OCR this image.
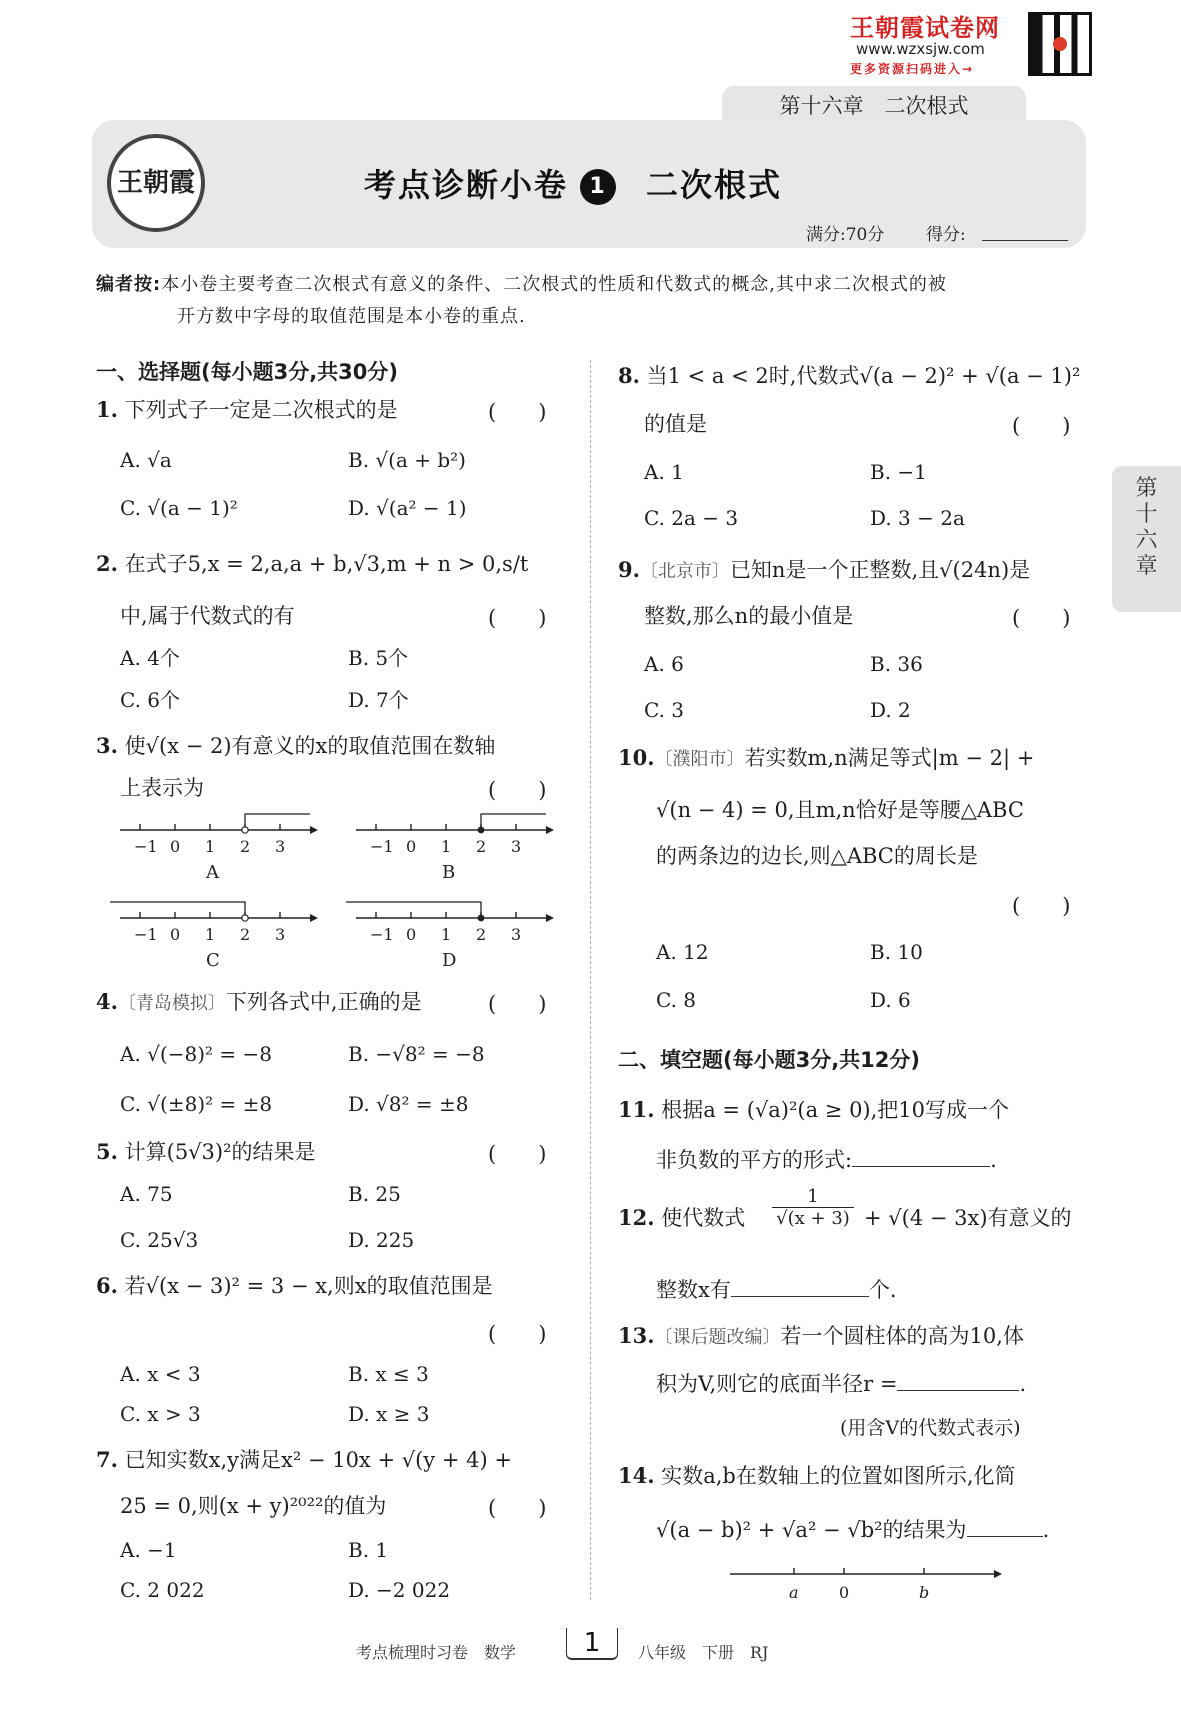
王朝霞试卷网
www.wzxsjw.com
更多资源扫码进入→
第十六章　二次根式
王朝霞	考点诊断小卷 1 二次根式
满分:70分 得分:
编者按:本小卷主要考查二次根式有意义的条件、二次根式的性质和代数式的概念,其中求二次根式的被
开方数中字母的取值范围是本小卷的重点.
一、选择题(每小题3分,共30分)
1. 下列式子一定是二次根式的是	(　　)
A. √a	B. √(a + b²)
C. √(a − 1)²	D. √(a² − 1)
2. 在式子5,x = 2,a,a + b,√3,m + n > 0,s/t
中,属于代数式的有	(　　)
A. 4个	B. 5个
C. 6个	D. 7个
3. 使√(x − 2)有意义的x的取值范围在数轴
上表示为	(　　)
−1 0 1 2 3
A
−1 0 1 2 3
B
−1 0 1 2 3
C
−1 0 1 2 3
D
4.〔青岛模拟〕下列各式中,正确的是	(　　)
A. √(−8)² = −8	B. −√8² = −8
C. √(±8)² = ±8	D. √8² = ±8
5. 计算(5√3)²的结果是	(　　)
A. 75	B. 25
C. 25√3	D. 225
6. 若√(x − 3)² = 3 − x,则x的取值范围是
(　　)
A. x < 3	B. x ≤ 3
C. x > 3	D. x ≥ 3
7. 已知实数x,y满足x² − 10x + √(y + 4) +
25 = 0,则(x + y)²⁰²²的值为	(　　)
A. −1	B. 1
C. 2 022	D. −2 022
8. 当1 < a < 2时,代数式√(a − 2)² + √(a − 1)²
的值是	(　　)
A. 1	B. −1
C. 2a − 3	D. 3 − 2a
9.〔北京市〕已知n是一个正整数,且√(24n)是
整数,那么n的最小值是	(　　)
A. 6	B. 36
C. 3	D. 2
10.〔濮阳市〕若实数m,n满足等式|m − 2| +
√(n − 4) = 0,且m,n恰好是等腰△ABC
的两条边的边长,则△ABC的周长是
(　　)
A. 12	B. 10
C. 8	D. 6
二、填空题(每小题3分,共12分)
11. 根据a = (√a)²(a ≥ 0),把10写成一个
非负数的平方的形式:	.
12. 使代数式 $\frac{1}{√(x + 3)} + √(4 - 3x)$有意义的
整数x有	个.
13.〔课后题改编〕若一个圆柱体的高为10,体
积为V,则它的底面半径r =	.
(用含V的代数式表示)
14. 实数a,b在数轴上的位置如图所示,化简
√(a − b)² + √a² − √b²的结果为	.
a	0	b
第
十
六
章
考点梳理时习卷　数学	1	八年级　下册　RJ
